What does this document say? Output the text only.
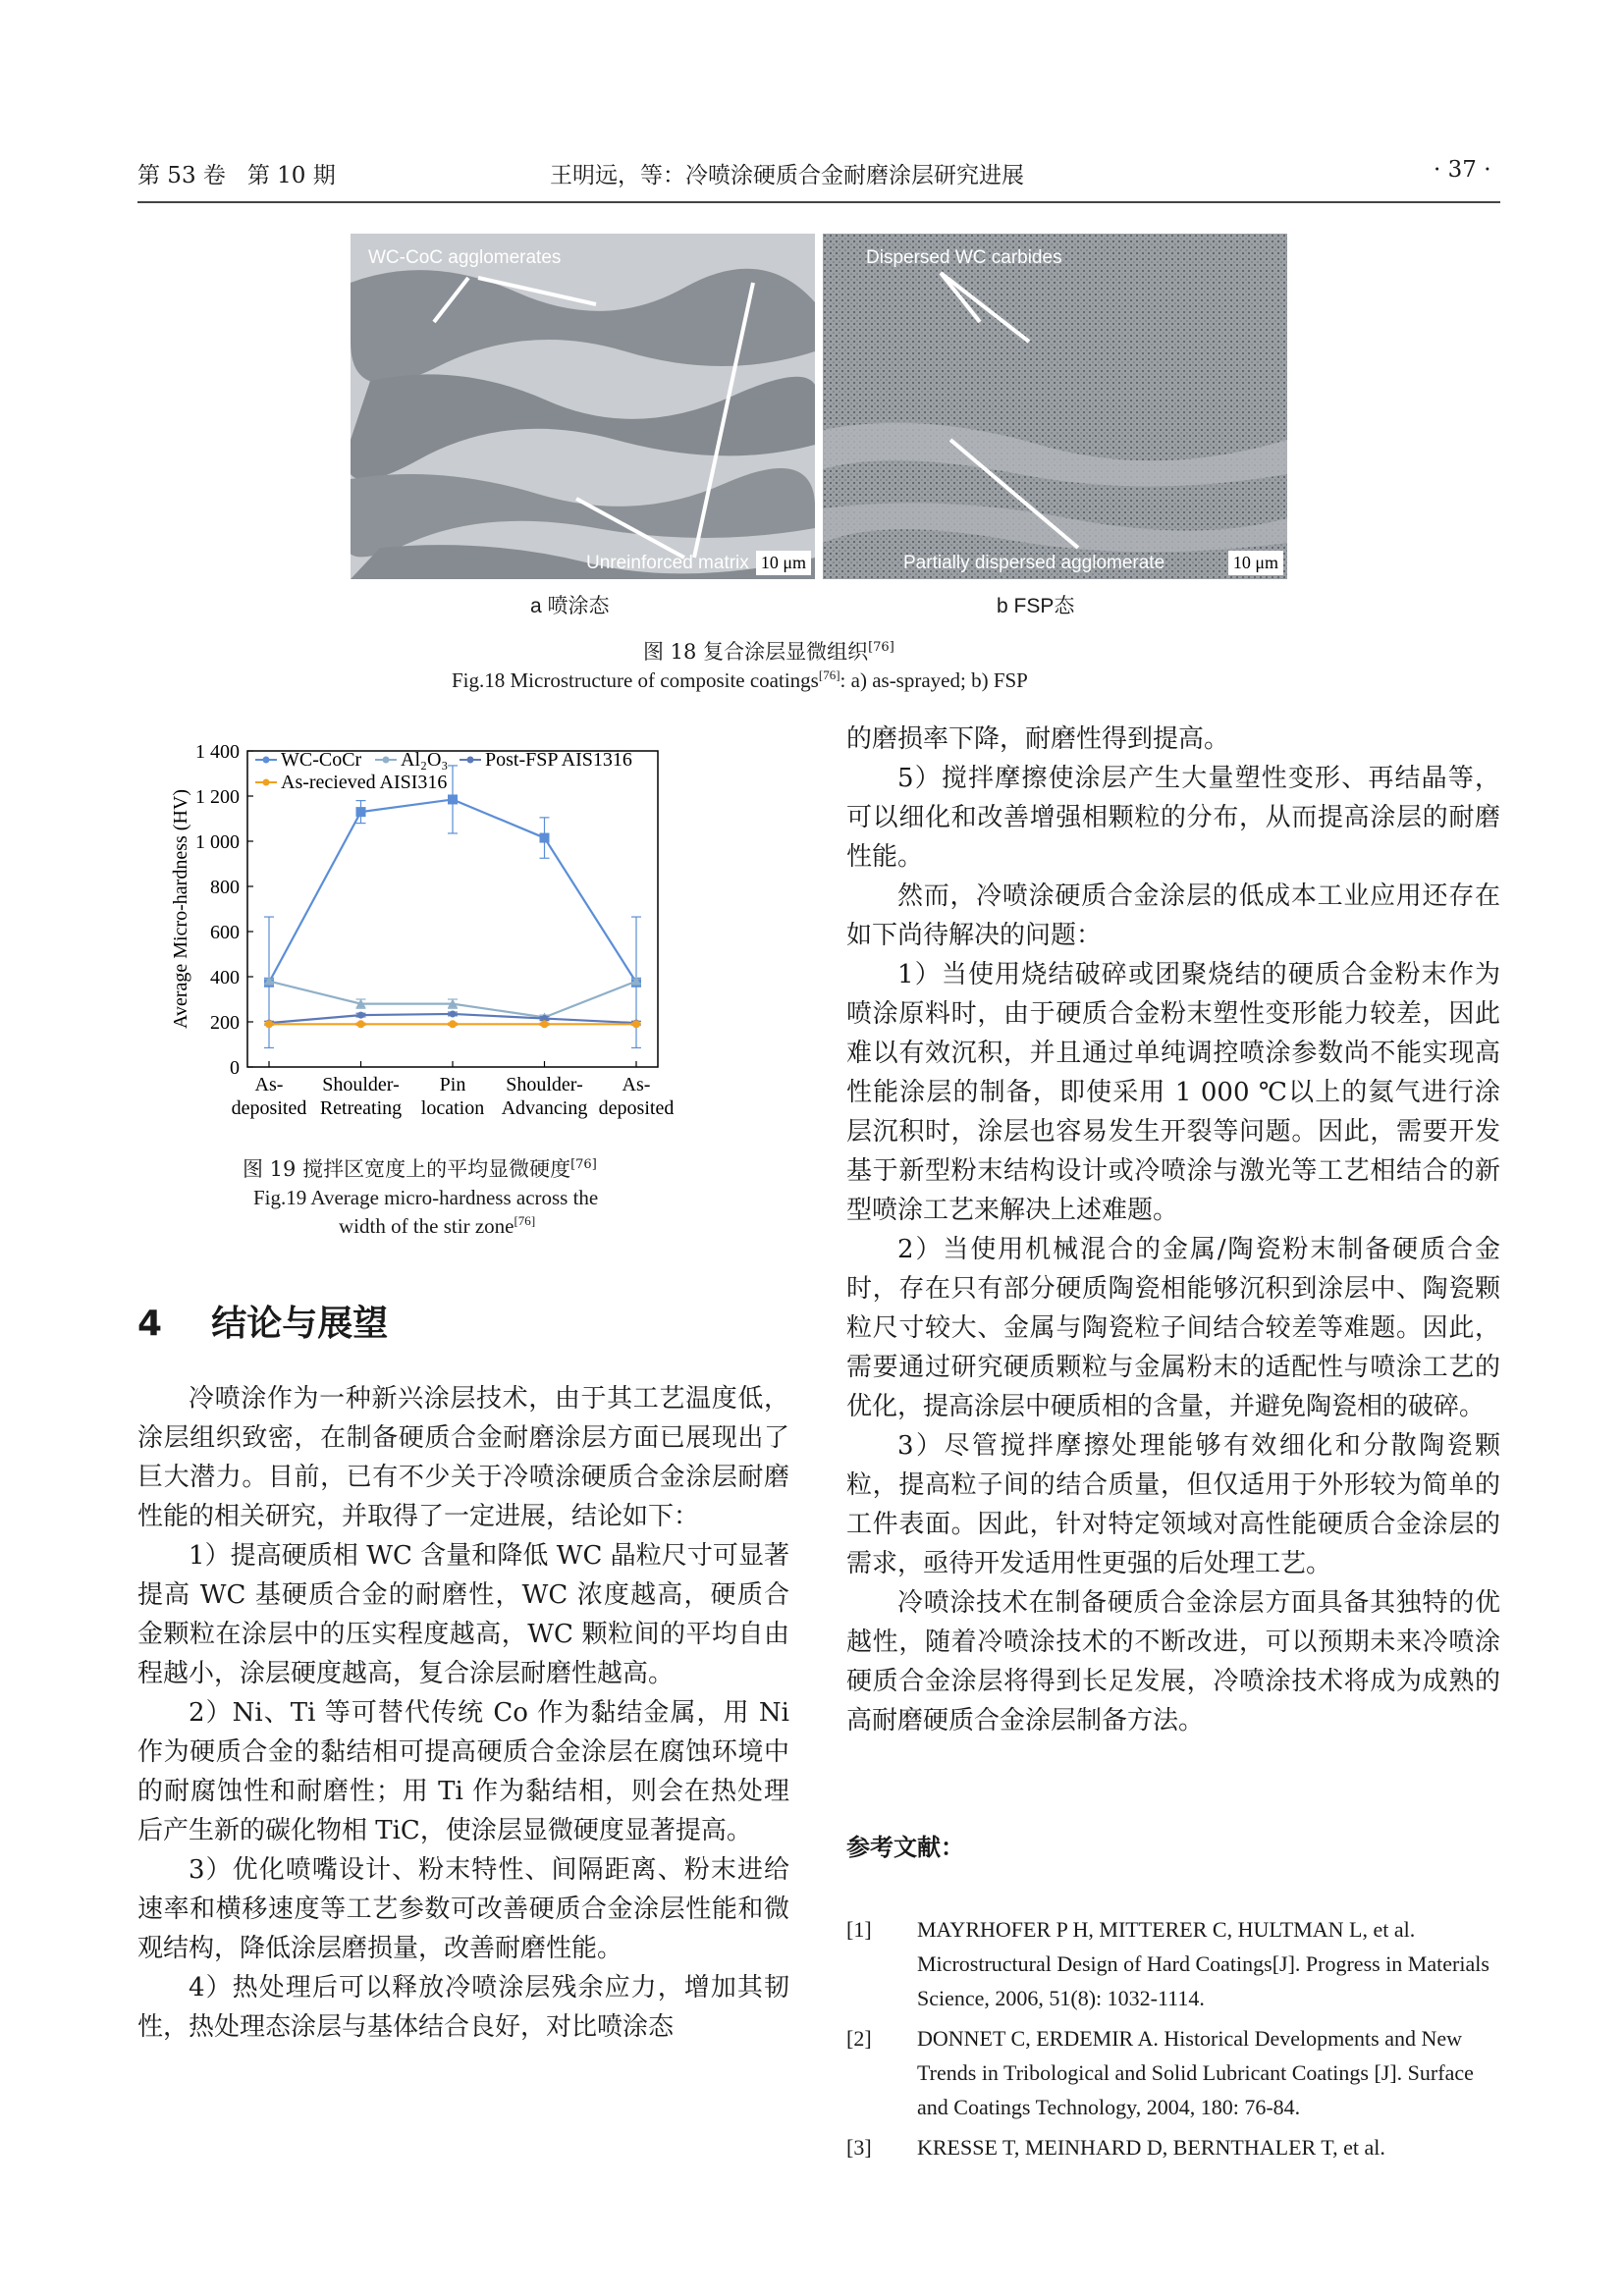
第 53 卷 第 10 期	王明远，等：冷喷涂硬质合金耐磨涂层研究进展	· 37 ·
WC-CoC agglomerates
Unreinforced matrix 10 μm
a 喷涂态
Dispersed WC carbides
Partially dispersed agglomerate	10 μm
b FSP态
图 18 复合涂层显微组织[76]
Fig.18 Microstructure of composite coatings[76]: a) as-sprayed; b) FSP
0
200
400
600
800
1 000
1 200
1 400
Average Micro-hardness (HV)
As-
deposited
Shoulder-
Retreating
Pin
location
Shoulder-
Advancing
As-
deposited
WC-CoCr Al₂O₃ Post-FSP AIS1316
As-recieved AISI316
图 19 搅拌区宽度上的平均显微硬度[76]
Fig.19 Average micro-hardness across the
width of the stir zone[76]
4 结论与展望

冷喷涂作为一种新兴涂层技术，由于其工艺温度低，涂层组织致密，在制备硬质合金耐磨涂层方面已展现出了巨大潜力。目前，已有不少关于冷喷涂硬质合金涂层耐磨性能的相关研究，并取得了一定进展，结论如下：

1）提高硬质相 WC 含量和降低 WC 晶粒尺寸可显著提高 WC 基硬质合金的耐磨性，WC 浓度越高，硬质合金颗粒在涂层中的压实程度越高，WC 颗粒间的平均自由程越小，涂层硬度越高，复合涂层耐磨性越高。

2）Ni、Ti 等可替代传统 Co 作为黏结金属，用 Ni 作为硬质合金的黏结相可提高硬质合金涂层在腐蚀环境中的耐腐蚀性和耐磨性；用 Ti 作为黏结相，则会在热处理后产生新的碳化物相 TiC，使涂层显微硬度显著提高。

3）优化喷嘴设计、粉末特性、间隔距离、粉末进给速率和横移速度等工艺参数可改善硬质合金涂层性能和微观结构，降低涂层磨损量，改善耐磨性能。

4）热处理后可以释放冷喷涂层残余应力，增加其韧性，热处理态涂层与基体结合良好，对比喷涂态

的磨损率下降，耐磨性得到提高。

5）搅拌摩擦使涂层产生大量塑性变形、再结晶等，可以细化和改善增强相颗粒的分布，从而提高涂层的耐磨性能。

然而，冷喷涂硬质合金涂层的低成本工业应用还存在如下尚待解决的问题：

1）当使用烧结破碎或团聚烧结的硬质合金粉末作为喷涂原料时，由于硬质合金粉末塑性变形能力较差，因此难以有效沉积，并且通过单纯调控喷涂参数尚不能实现高性能涂层的制备，即使采用 1 000 ℃以上的氦气进行涂层沉积时，涂层也容易发生开裂等问题。因此，需要开发基于新型粉末结构设计或冷喷涂与激光等工艺相结合的新型喷涂工艺来解决上述难题。

2）当使用机械混合的金属/陶瓷粉末制备硬质合金时，存在只有部分硬质陶瓷相能够沉积到涂层中、陶瓷颗粒尺寸较大、金属与陶瓷粒子间结合较差等难题。因此，需要通过研究硬质颗粒与金属粉末的适配性与喷涂工艺的优化，提高涂层中硬质相的含量，并避免陶瓷相的破碎。

3）尽管搅拌摩擦处理能够有效细化和分散陶瓷颗粒，提高粒子间的结合质量，但仅适用于外形较为简单的工件表面。因此，针对特定领域对高性能硬质合金涂层的需求，亟待开发适用性更强的后处理工艺。

冷喷涂技术在制备硬质合金涂层方面具备其独特的优越性，随着冷喷涂技术的不断改进，可以预期未来冷喷涂硬质合金涂层将得到长足发展，冷喷涂技术将成为成熟的高耐磨硬质合金涂层制备方法。

参考文献：
[1] MAYRHOFER P H, MITTERER C, HULTMAN L, et al. Microstructural Design of Hard Coatings[J]. Progress in Materials Science, 2006, 51(8): 1032-1114.
[2] DONNET C, ERDEMIR A. Historical Developments and New Trends in Tribological and Solid Lubricant Coatings [J]. Surface and Coatings Technology, 2004, 180: 76-84.
[3] KRESSE T, MEINHARD D, BERNTHALER T, et al.
